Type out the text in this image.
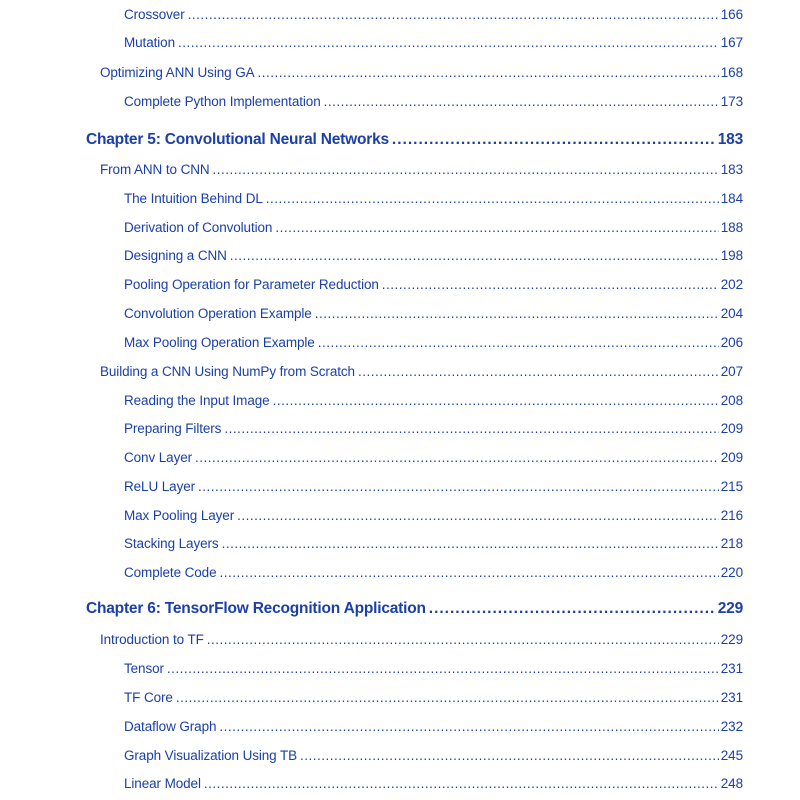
Crossover .....	166
Mutation .....	167
Optimizing ANN Using GA .....	168
Complete Python Implementation .....	173
Chapter 5: Convolutional Neural Networks .....	183
From ANN to CNN .....	183
The Intuition Behind DL .....	184
Derivation of Convolution .....	188
Designing a CNN .....	198
Pooling Operation for Parameter Reduction .....	202
Convolution Operation Example .....	204
Max Pooling Operation Example .....	206
Building a CNN Using NumPy from Scratch .....	207
Reading the Input Image .....	208
Preparing Filters .....	209
Conv Layer .....	209
ReLU Layer .....	215
Max Pooling Layer .....	216
Stacking Layers .....	218
Complete Code .....	220
Chapter 6: TensorFlow Recognition Application .....	229
Introduction to TF .....	229
Tensor .....	231
TF Core .....	231
Dataflow Graph .....	232
Graph Visualization Using TB .....	245
Linear Model .....	248
